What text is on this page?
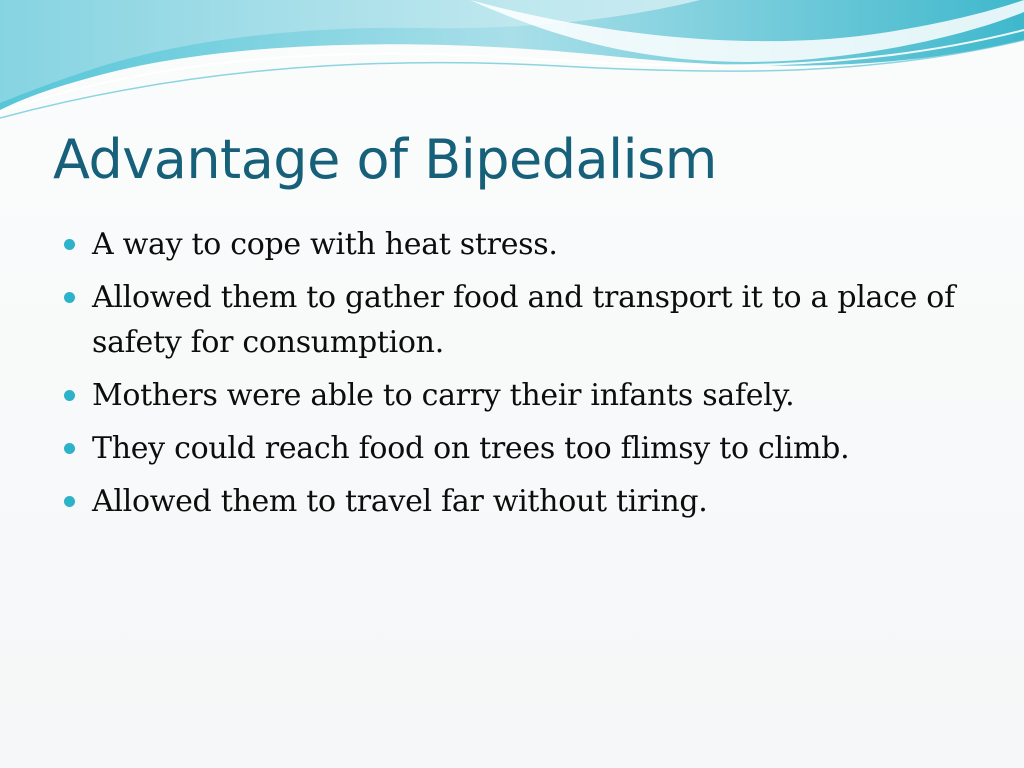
Advantage of Bipedalism
A way to cope with heat stress.
Allowed them to gather food and transport it to a place of safety for consumption.
Mothers were able to carry their infants safely.
They could reach food on trees too flimsy to climb.
Allowed them to travel far without tiring.
